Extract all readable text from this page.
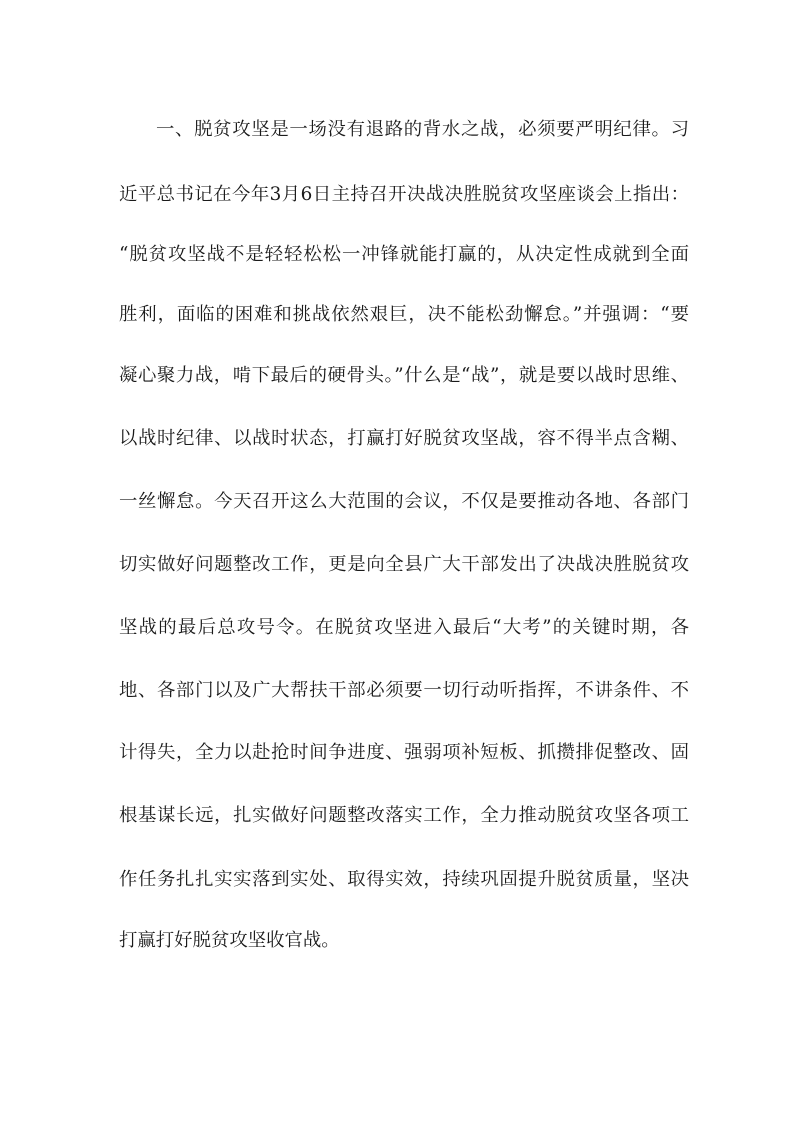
一、脱贫攻坚是一场没有退路的背水之战，必须要严明纪律。习
近平总书记在今年3月6日主持召开决战决胜脱贫攻坚座谈会上指出：
“脱贫攻坚战不是轻轻松松一冲锋就能打赢的，从决定性成就到全面
胜利，面临的困难和挑战依然艰巨，决不能松劲懈怠。”并强调：“要
凝心聚力战，啃下最后的硬骨头。”什么是“战”，就是要以战时思维、
以战时纪律、以战时状态，打赢打好脱贫攻坚战，容不得半点含糊、
一丝懈怠。今天召开这么大范围的会议，不仅是要推动各地、各部门
切实做好问题整改工作，更是向全县广大干部发出了决战决胜脱贫攻
坚战的最后总攻号令。在脱贫攻坚进入最后“大考”的关键时期，各
地、各部门以及广大帮扶干部必须要一切行动听指挥，不讲条件、不
计得失，全力以赴抢时间争进度、强弱项补短板、抓攒排促整改、固
根基谋长远，扎实做好问题整改落实工作，全力推动脱贫攻坚各项工
作任务扎扎实实落到实处、取得实效，持续巩固提升脱贫质量，坚决
打赢打好脱贫攻坚收官战。
